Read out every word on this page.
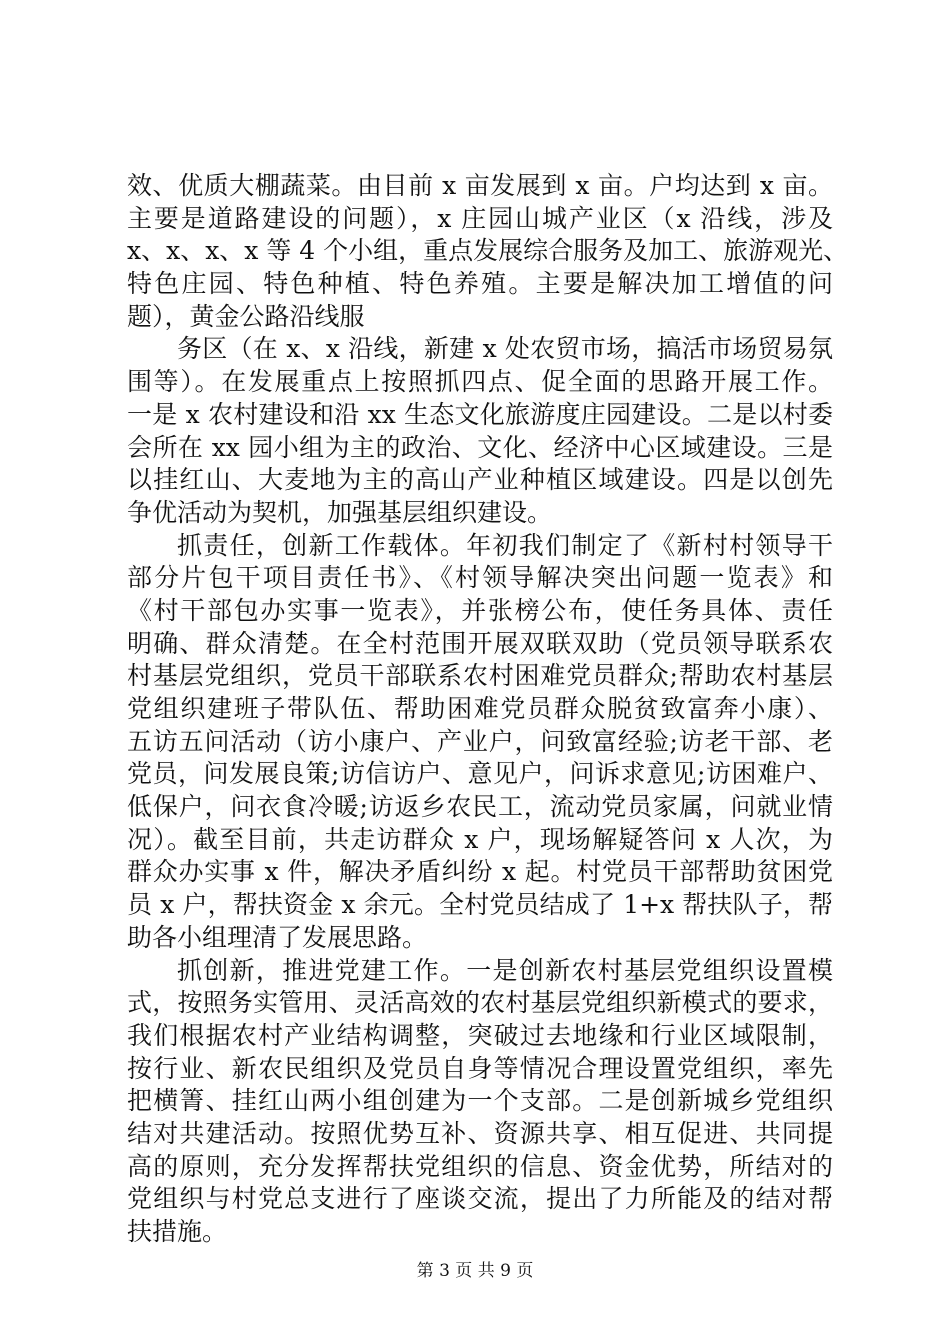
效、优质大棚蔬菜。由目前 x 亩发展到 x 亩。户均达到 x 亩。
主要是道路建设的问题），x 庄园山城产业区（x 沿线，涉及
x、x、x、x 等 4 个小组，重点发展综合服务及加工、旅游观光、
特色庄园、特色种植、特色养殖。主要是解决加工增值的问
题），黄金公路沿线服
务区（在 x、x 沿线，新建 x 处农贸市场，搞活市场贸易氛
围等）。在发展重点上按照抓四点、促全面的思路开展工作。
一是 x 农村建设和沿 xx 生态文化旅游度庄园建设。二是以村委
会所在 xx 园小组为主的政治、文化、经济中心区域建设。三是
以挂红山、大麦地为主的高山产业种植区域建设。四是以创先
争优活动为契机，加强基层组织建设。
抓责任，创新工作载体。年初我们制定了《新村村领导干
部分片包干项目责任书》、《村领导解决突出问题一览表》和
《村干部包办实事一览表》，并张榜公布，使任务具体、责任
明确、群众清楚。在全村范围开展双联双助（党员领导联系农
村基层党组织，党员干部联系农村困难党员群众;帮助农村基层
党组织建班子带队伍、帮助困难党员群众脱贫致富奔小康）、
五访五问活动（访小康户、产业户，问致富经验;访老干部、老
党员，问发展良策;访信访户、意见户，问诉求意见;访困难户、
低保户，问衣食冷暖;访返乡农民工，流动党员家属，问就业情
况）。截至目前，共走访群众 x 户，现场解疑答问 x 人次，为
群众办实事 x 件，解决矛盾纠纷 x 起。村党员干部帮助贫困党
员 x 户，帮扶资金 x 余元。全村党员结成了 1+x 帮扶队子，帮
助各小组理清了发展思路。
抓创新，推进党建工作。一是创新农村基层党组织设置模
式，按照务实管用、灵活高效的农村基层党组织新模式的要求，
我们根据农村产业结构调整，突破过去地缘和行业区域限制，
按行业、新农民组织及党员自身等情况合理设置党组织，率先
把横箐、挂红山两小组创建为一个支部。二是创新城乡党组织
结对共建活动。按照优势互补、资源共享、相互促进、共同提
高的原则，充分发挥帮扶党组织的信息、资金优势，所结对的
党组织与村党总支进行了座谈交流，提出了力所能及的结对帮
扶措施。
第 3 页 共 9 页
